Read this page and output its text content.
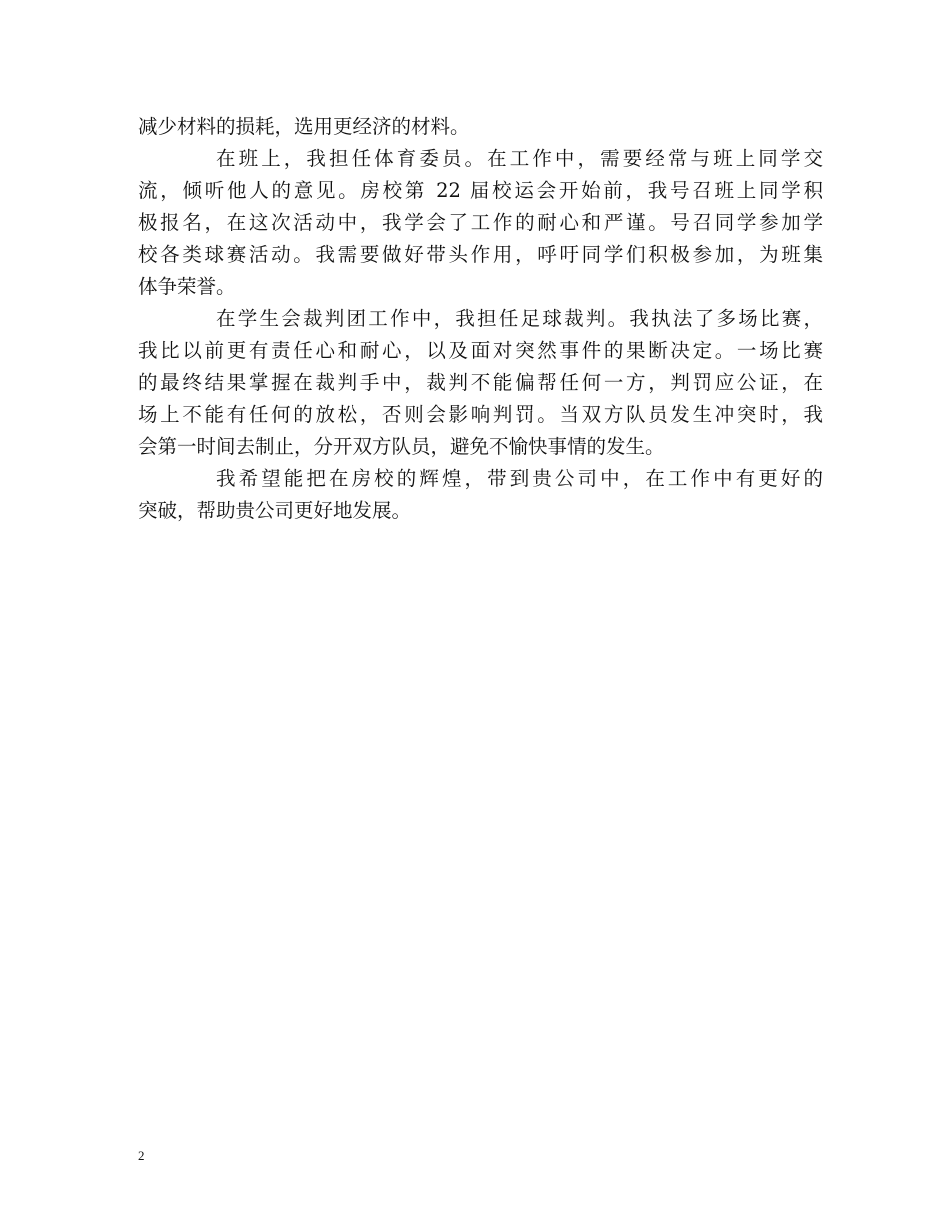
减少材料的损耗，选用更经济的材料。
在班上，我担任体育委员。在工作中，需要经常与班上同学交
流，倾听他人的意见。房校第 22 届校运会开始前，我号召班上同学积
极报名，在这次活动中，我学会了工作的耐心和严谨。号召同学参加学
校各类球赛活动。我需要做好带头作用，呼吁同学们积极参加，为班集
体争荣誉。
在学生会裁判团工作中，我担任足球裁判。我执法了多场比赛，
我比以前更有责任心和耐心，以及面对突然事件的果断决定。一场比赛
的最终结果掌握在裁判手中，裁判不能偏帮任何一方，判罚应公证，在
场上不能有任何的放松，否则会影响判罚。当双方队员发生冲突时，我
会第一时间去制止，分开双方队员，避免不愉快事情的发生。
我希望能把在房校的辉煌，带到贵公司中，在工作中有更好的
突破，帮助贵公司更好地发展。
2
